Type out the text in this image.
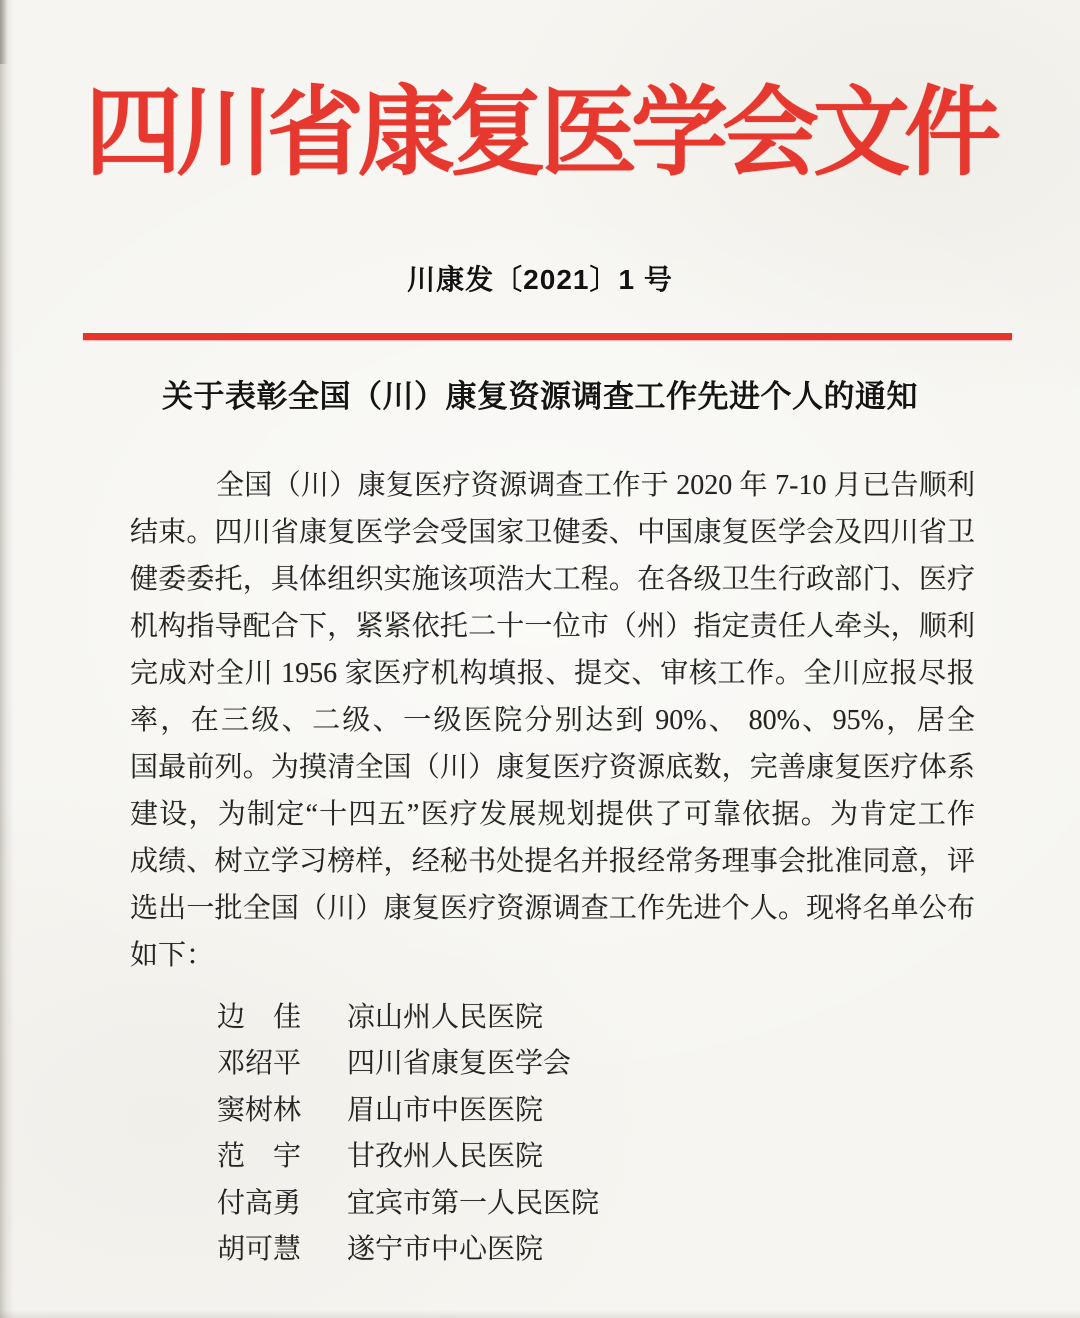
四川省康复医学会文件
川康发〔2021〕1 号
关于表彰全国（川）康复资源调查工作先进个人的通知
全国（川）康复医疗资源调查工作于 2020 年 7-10 月已告顺利
结束。四川省康复医学会受国家卫健委、中国康复医学会及四川省卫
健委委托，具体组织实施该项浩大工程。在各级卫生行政部门、医疗
机构指导配合下，紧紧依托二十一位市（州）指定责任人牵头，顺利
完成对全川 1956 家医疗机构填报、提交、审核工作。全川应报尽报
率，在三级、二级、一级医院分别达到 90%、 80%、95%，居全
国最前列。为摸清全国（川）康复医疗资源底数，完善康复医疗体系
建设，为制定“十四五”医疗发展规划提供了可靠依据。为肯定工作
成绩、树立学习榜样，经秘书处提名并报经常务理事会批准同意，评
选出一批全国（川）康复医疗资源调查工作先进个人。现将名单公布
如下：
边　佳	凉山州人民医院
邓绍平	四川省康复医学会
窦树林	眉山市中医医院
范　宇	甘孜州人民医院
付高勇	宜宾市第一人民医院
胡可慧	遂宁市中心医院
